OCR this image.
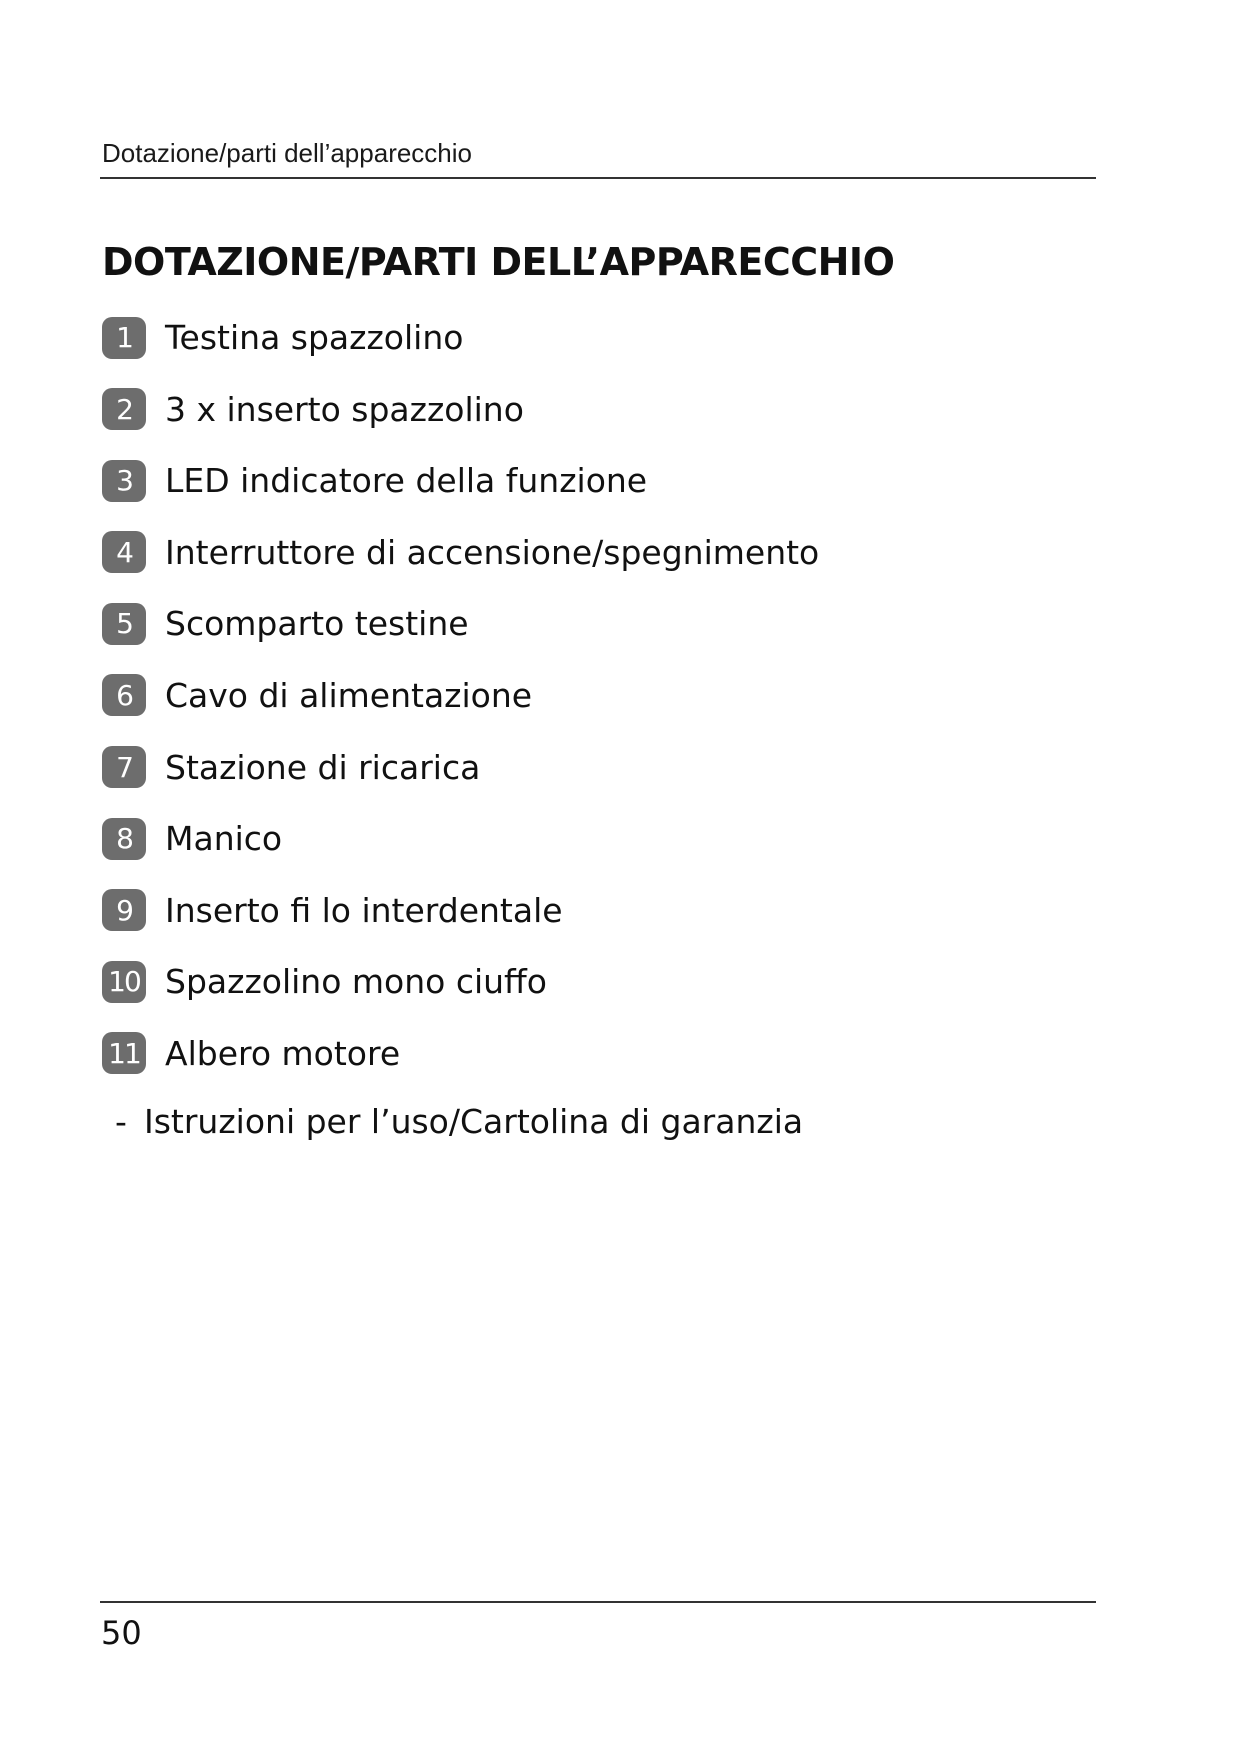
Dotazione/parti dell’apparecchio
DOTAZIONE/PARTI DELL’APPARECCHIO
1	Testina spazzolino
2	3 x inserto spazzolino
3	LED indicatore della funzione
4	Interruttore di accensione/spegnimento
5	Scomparto testine
6	Cavo di alimentazione
7	Stazione di ricarica
8	Manico
9	Inserto fi lo interdentale
10 Spazzolino mono ciuffo
11 Albero motore
- Istruzioni per l’uso/Cartolina di garanzia
50
